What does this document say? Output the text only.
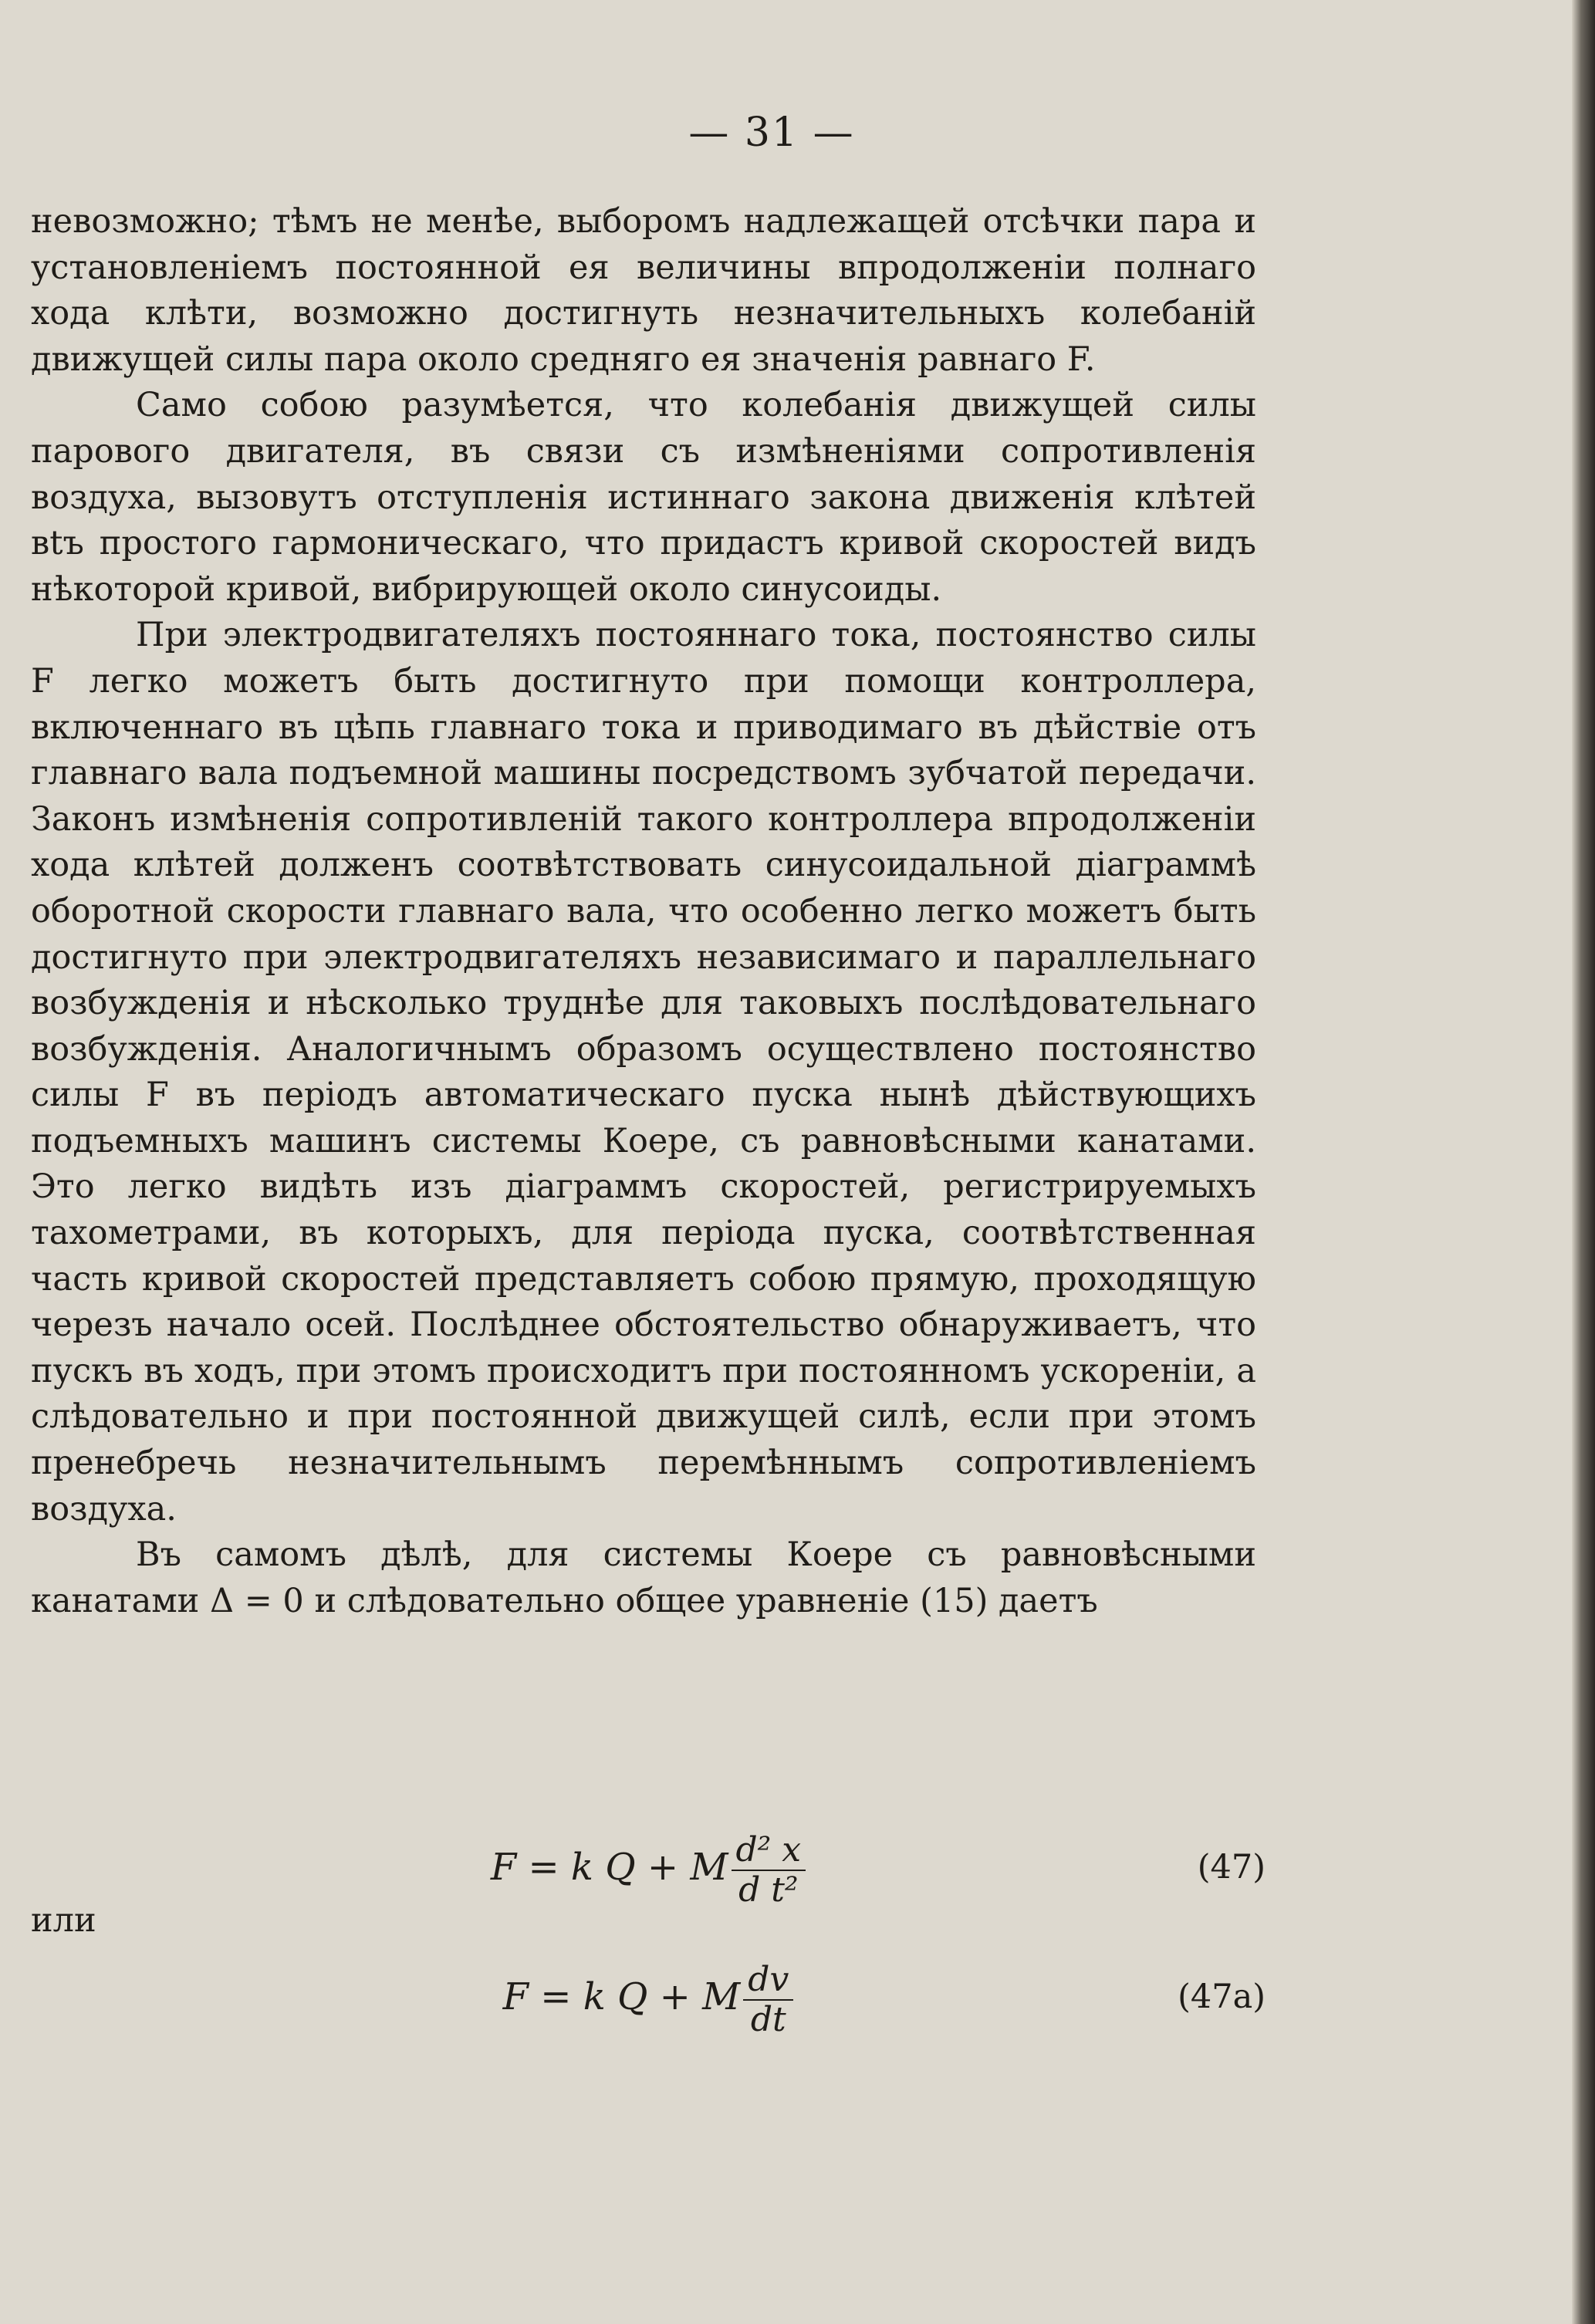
— 31 —

невозможно; тѣмъ не менѣе, выборомъ надлежащей отсѣчки пара и установленіемъ постоянной ея величины впродолженіи полнаго хода клѣти, возможно достигнуть незначительныхъ колебаній движущей силы пара около средняго ея значенія равнаго F.

Само собою разумѣется, что колебанія движущей силы парового двигателя, въ связи съ измѣненіями сопротивленія воздуха, вызовутъ отступленія истиннаго закона движенія клѣтей вtъ простого гармоническаго, что придастъ кривой скоростей видъ нѣкоторой кривой, вибрирующей около синусоиды.

При электродвигателяхъ постояннаго тока, постоянство силы F легко можетъ быть достигнуто при помощи контроллера, включеннаго въ цѣпь главнаго тока и приводимаго въ дѣйствіе отъ главнаго вала подъемной машины посредствомъ зубчатой передачи. Законъ измѣненія сопротивленій такого контроллера впродолженіи хода клѣтей долженъ соотвѣтствовать синусоидальной діаграммѣ оборотной скорости главнаго вала, что особенно легко можетъ быть достигнуто при электродвигателяхъ независимаго и параллельнаго возбужденія и нѣсколько труднѣе для таковыхъ послѣдовательнаго возбужденія. Аналогичнымъ образомъ осуществлено постоянство силы F въ періодъ автоматическаго пуска нынѣ дѣйствующихъ подъемныхъ машинъ системы Коере, съ равновѣсными канатами. Это легко видѣть изъ діаграммъ скоростей, регистрируемыхъ тахометрами, въ которыхъ, для періода пуска, соотвѣтственная часть кривой скоростей представляетъ собою прямую, проходящую черезъ начало осей. Послѣднее обстоятельство обнаруживаетъ, что пускъ въ ходъ, при этомъ происходитъ при постоянномъ ускореніи, а слѣдовательно и при постоянной движущей силѣ, если при этомъ пренебречь незначительнымъ перемѣннымъ сопротивленіемъ воздуха.

Въ самомъ дѣлѣ, для системы Коере съ равновѣсными канатами Δ = 0 и слѣдовательно общее уравненіе (15) даетъ

F = k Q + M $\frac{\text{d² x}}{\text{d t²}}$	(47)
или
F = k Q + M $\frac{dv}{dt}$	(47а)
